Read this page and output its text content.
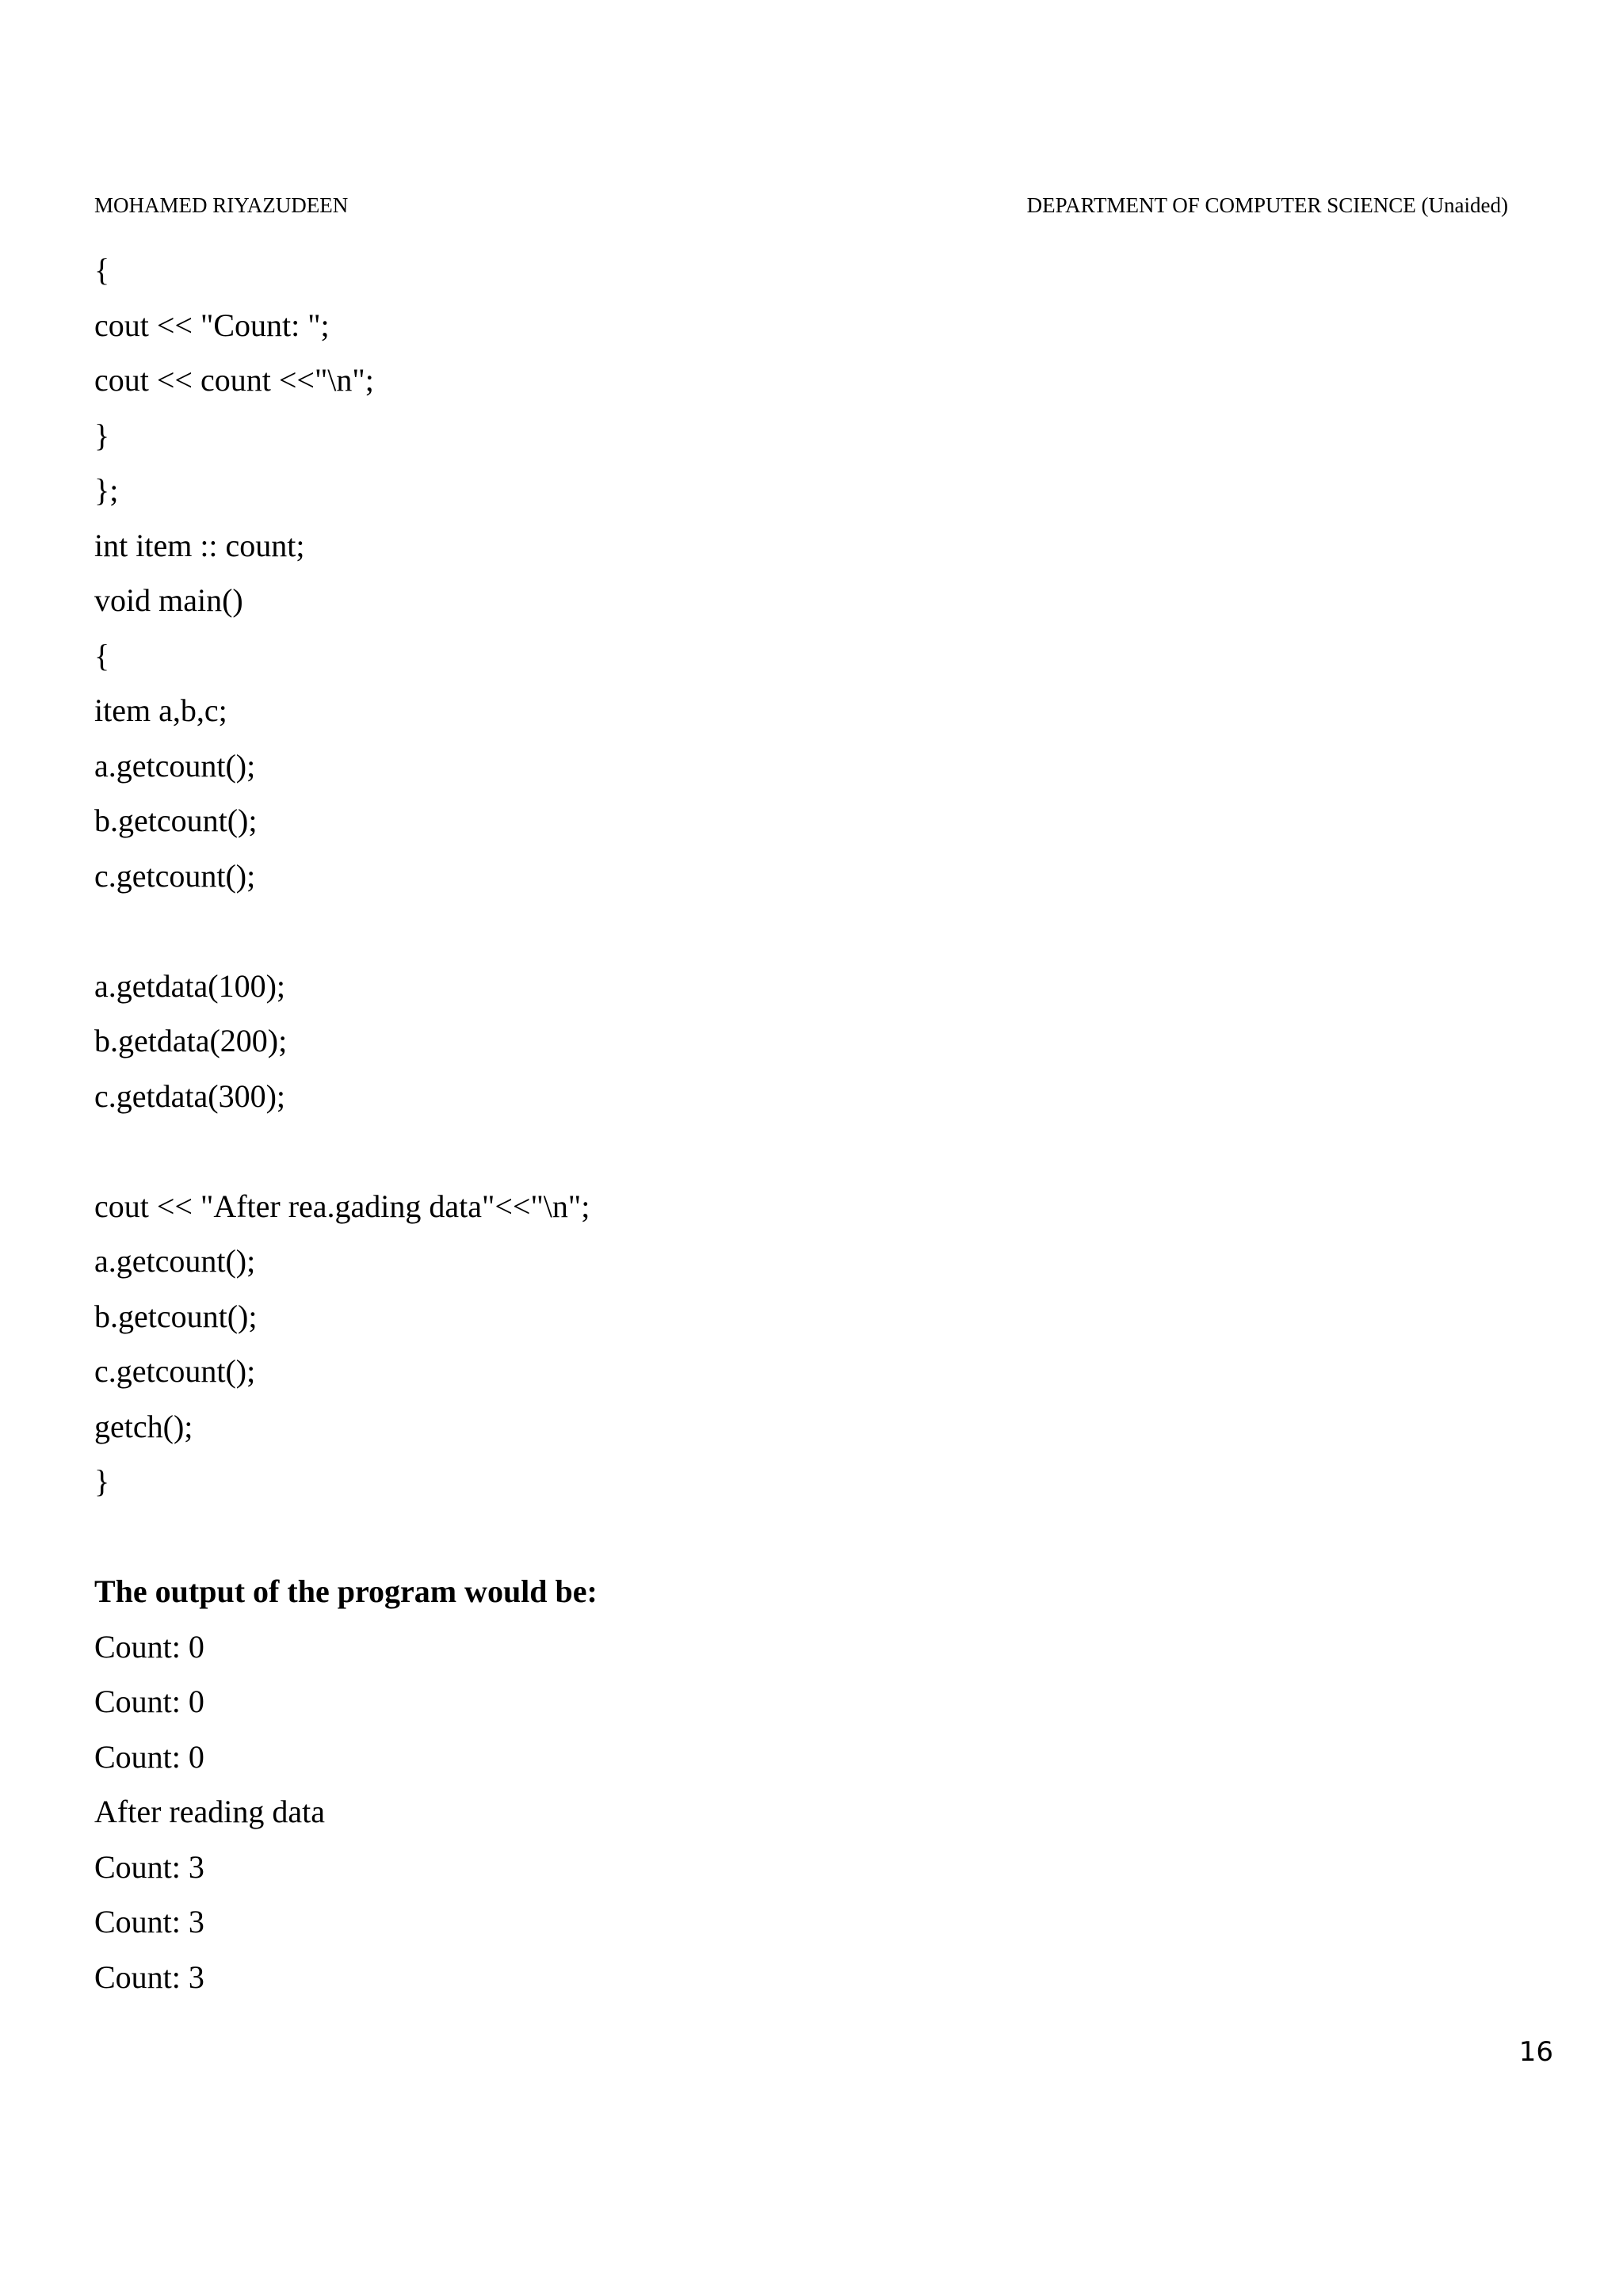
MOHAMED RIYAZUDEEN	DEPARTMENT OF COMPUTER SCIENCE (Unaided)
{
cout << "Count: ";
cout << count <<"\n";
}
};
int item :: count;
void main()
{
item a,b,c;
a.getcount();
b.getcount();
c.getcount();
a.getdata(100);
b.getdata(200);
c.getdata(300);
cout << "After rea.gading data"<<"\n";
a.getcount();
b.getcount();
c.getcount();
getch();
}
The output of the program would be:
Count: 0
Count: 0
Count: 0
After reading data
Count: 3
Count: 3
Count: 3
16
